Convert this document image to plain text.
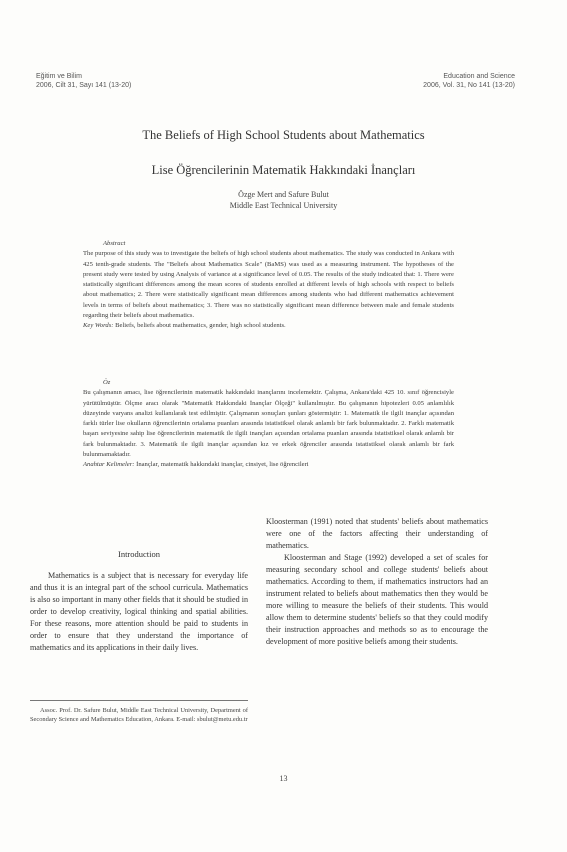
Eğitim ve Bilim
2006, Cilt 31, Sayı 141 (13-20)
Education and Science
2006, Vol. 31, No 141 (13-20)
The Beliefs of High School Students about Mathematics
Lise Öğrencilerinin Matematik Hakkındaki İnançları
Özge Mert and Safure Bulut
Middle East Technical University
Abstract
The purpose of this study was to investigate the beliefs of high school students about mathematics. The study was conducted in Ankara with 425 tenth-grade students. The "Beliefs about Mathematics Scale" (BaMS) was used as a measuring instrument. The hypotheses of the present study were tested by using Analysis of variance at a significance level of 0.05. The results of the study indicated that: 1. There were statistically significant differences among the mean scores of students enrolled at different levels of high schools with respect to beliefs about mathematics; 2. There were statistically significant mean differences among students who had different mathematics achievement levels in terms of beliefs about mathematics; 3. There was no statistically significant mean difference between male and female students regarding their beliefs about mathematics.
Key Words: Beliefs, beliefs about mathematics, gender, high school students.
Öz
Bu çalışmanın amacı, lise öğrencilerinin matematik hakkındaki inançlarını incelemektir. Çalışma, Ankara'daki 425 10. sınıf öğrencisiyle yürütülmüştür. Ölçme aracı olarak "Matematik Hakkındaki İnançlar Ölçeği" kullanılmıştır. Bu çalışmanın hipotezleri 0.05 anlamlılık düzeyinde varyans analizi kullanılarak test edilmiştir. Çalışmanın sonuçları şunları göstermiştir: 1. Matematik ile ilgili inançlar açısından farklı türler lise okulların öğrencilerinin ortalama puanları arasında istatistiksel olarak anlamlı bir fark bulunmaktadır. 2. Farklı matematik başarı seviyesine sahip lise öğrencilerinin matematik ile ilgili inançları açısından ortalama puanları arasında istatistiksel olarak anlamlı bir fark bulunmaktadır. 3. Matematik ile ilgili inançlar açısından kız ve erkek öğrenciler arasında istatistiksel olarak anlamlı bir fark bulunmamaktadır.
Anahtar Kelimeler: İnançlar, matematik hakkındaki inançlar, cinsiyet, lise öğrencileri
Introduction

Mathematics is a subject that is necessary for everyday life and thus it is an integral part of the school curricula. Mathematics is also so important in many other fields that it should be studied in order to develop creativity, logical thinking and spatial abilities. For these reasons, more attention should be paid to students in order to ensure that they understand the importance of mathematics and its applications in their daily lives.

Kloosterman (1991) noted that students' beliefs about mathematics were one of the factors affecting their understanding of mathematics.

Kloosterman and Stage (1992) developed a set of scales for measuring secondary school and college students' beliefs about mathematics. According to them, if mathematics instructors had an instrument related to beliefs about mathematics then they would be more willing to measure the beliefs of their students. This would allow them to determine students' beliefs so that they could modify their instruction approaches and methods so as to encourage the development of more positive beliefs among their students.

Assoc. Prof. Dr. Safure Bulut, Middle East Technical University, Department of Secondary Science and Mathematics Education, Ankara. E-mail: sbulut@metu.edu.tr
13
